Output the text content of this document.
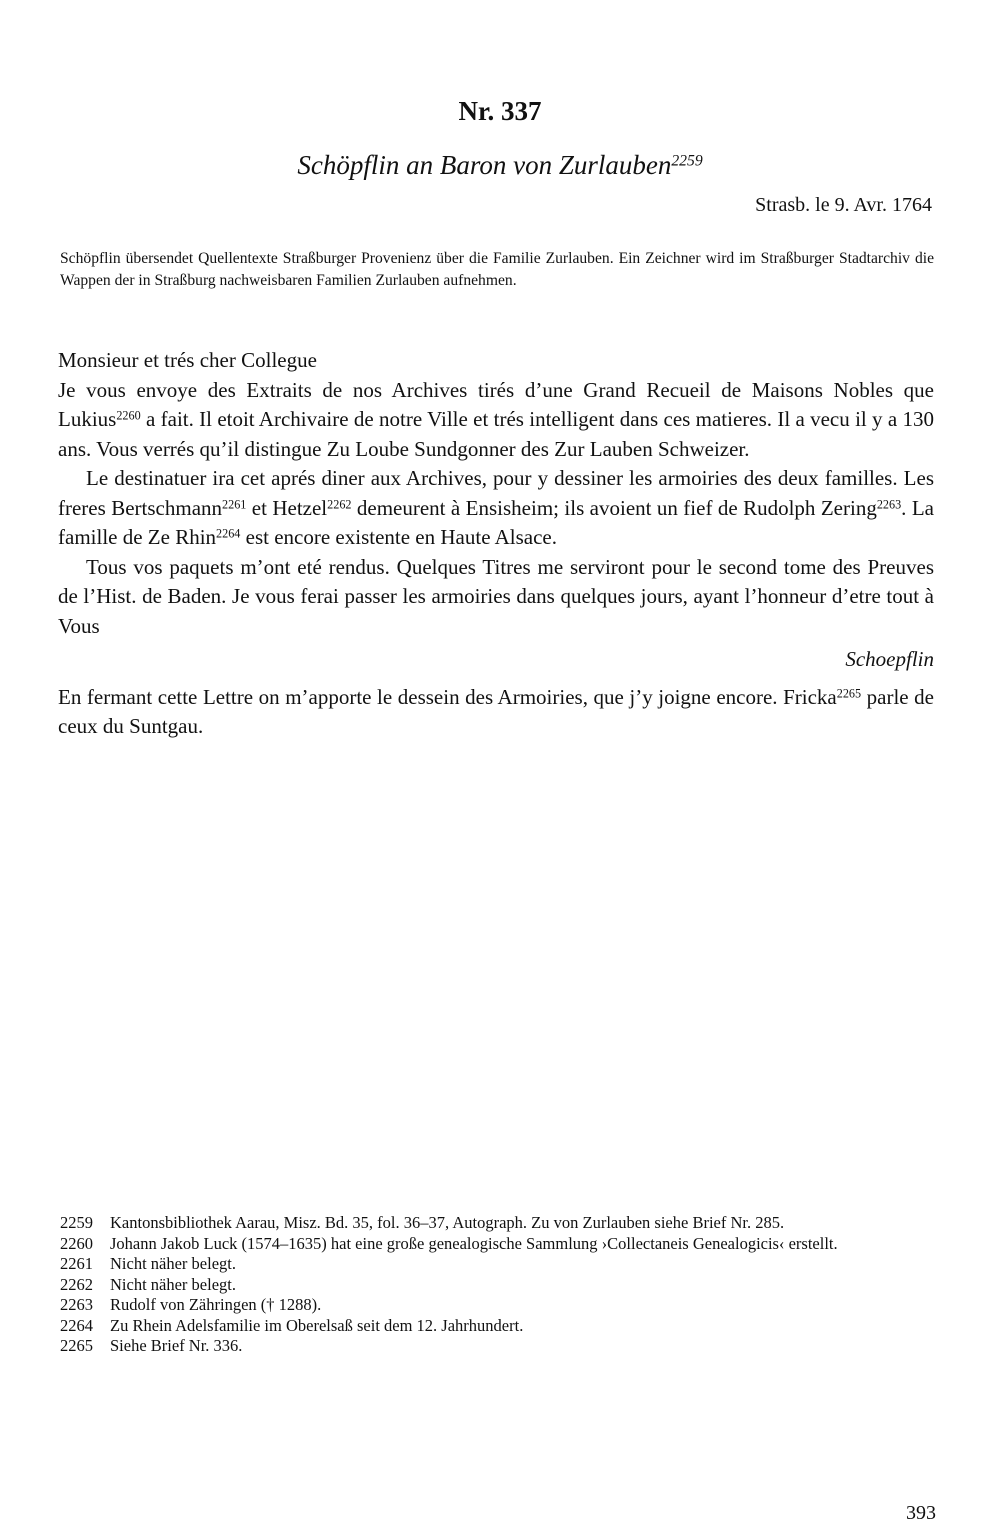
Nr. 337
Schöpflin an Baron von Zurlauben$^{2259}$

Strasb. le 9. Avr. 1764

Schöpflin übersendet Quellentexte Straßburger Provenienz über die Familie Zurlauben. Ein Zeichner wird im Straßburger Stadtarchiv die Wappen der in Straßburg nachweisbaren Familien Zurlauben aufnehmen.

Monsieur et trés cher Collegue

Je vous envoye des Extraits de nos Archives tirés d’une Grand Recueil de Maisons Nobles que Lukius$^{2260}$ a fait. Il etoit Archivaire de notre Ville et trés intelligent dans ces matieres. Il a vecu il y a 130 ans. Vous verrés qu’il distingue Zu Loube Sundgonner des Zur Lauben Schweizer.

Le destinatuer ira cet aprés diner aux Archives, pour y dessiner les armoiries des deux familles. Les freres Bertschmann$^{2261}$ et Hetzel$^{2262}$ demeurent à Ensisheim; ils avoient un fief de Rudolph Zering$^{2263}$. La famille de Ze Rhin$^{2264}$ est encore existente en Haute Alsace.

Tous vos paquets m’ont eté rendus. Quelques Titres me serviront pour le second tome des Preuves de l’Hist. de Baden. Je vous ferai passer les armoiries dans quelques jours, ayant l’honneur d’etre tout à Vous

Schoepflin

En fermant cette Lettre on m’apporte le dessein des Armoiries, que j’y joigne encore. Fricka$^{2265}$ parle de ceux du Suntgau.

2259	Kantonsbibliothek Aarau, Misz. Bd. 35, fol. 36–37, Autograph. Zu von Zurlauben siehe Brief Nr. 285.
2260	Johann Jakob Luck (1574–1635) hat eine große genealogische Sammlung ›Collectaneis Genealogicis‹ erstellt.
2261	Nicht näher belegt.
2262	Nicht näher belegt.
2263	Rudolf von Zähringen († 1288).
2264	Zu Rhein Adelsfamilie im Oberelsaß seit dem 12. Jahrhundert.
2265	Siehe Brief Nr. 336.

393
